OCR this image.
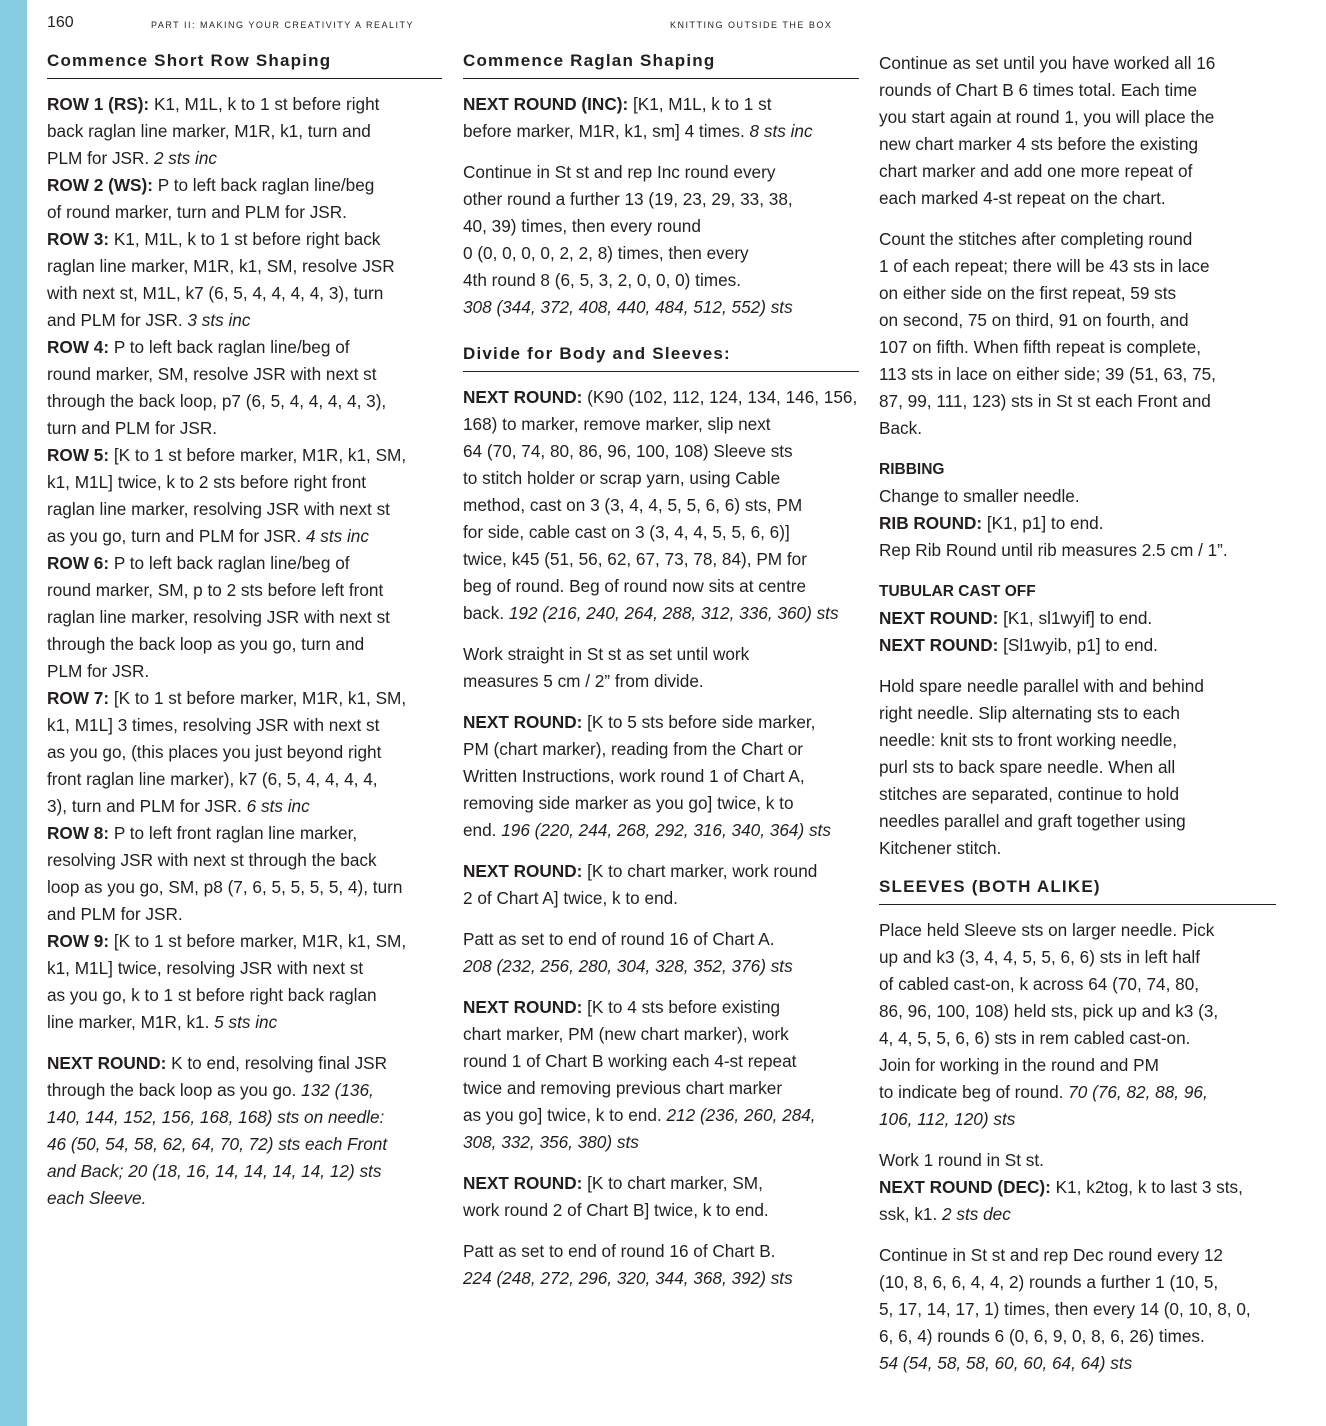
160	PART II: MAKING YOUR CREATIVITY A REALITY	KNITTING OUTSIDE THE BOX
Commence Short Row Shaping

ROW 1 (RS): K1, M1L, k to 1 st before right
back raglan line marker, M1R, k1, turn and
PLM for JSR. 2 sts inc

ROW 2 (WS): P to left back raglan line/beg
of round marker, turn and PLM for JSR.

ROW 3: K1, M1L, k to 1 st before right back
raglan line marker, M1R, k1, SM, resolve JSR
with next st, M1L, k7 (6, 5, 4, 4, 4, 4, 3), turn
and PLM for JSR. 3 sts inc

ROW 4: P to left back raglan line/beg of
round marker, SM, resolve JSR with next st
through the back loop, p7 (6, 5, 4, 4, 4, 4, 3),
turn and PLM for JSR.

ROW 5: [K to 1 st before marker, M1R, k1, SM,
k1, M1L] twice, k to 2 sts before right front
raglan line marker, resolving JSR with next st
as you go, turn and PLM for JSR. 4 sts inc

ROW 6: P to left back raglan line/beg of
round marker, SM, p to 2 sts before left front
raglan line marker, resolving JSR with next st
through the back loop as you go, turn and
PLM for JSR.

ROW 7: [K to 1 st before marker, M1R, k1, SM,
k1, M1L] 3 times, resolving JSR with next st
as you go, (this places you just beyond right
front raglan line marker), k7 (6, 5, 4, 4, 4, 4,
3), turn and PLM for JSR. 6 sts inc

ROW 8: P to left front raglan line marker,
resolving JSR with next st through the back
loop as you go, SM, p8 (7, 6, 5, 5, 5, 5, 4), turn
and PLM for JSR.

ROW 9: [K to 1 st before marker, M1R, k1, SM,
k1, M1L] twice, resolving JSR with next st
as you go, k to 1 st before right back raglan
line marker, M1R, k1. 5 sts inc

NEXT ROUND: K to end, resolving final JSR
through the back loop as you go. 132 (136,
140, 144, 152, 156, 168, 168) sts on needle:
46 (50, 54, 58, 62, 64, 70, 72) sts each Front
and Back; 20 (18, 16, 14, 14, 14, 14, 12) sts
each Sleeve.

Commence Raglan Shaping

NEXT ROUND (INC): [K1, M1L, k to 1 st
before marker, M1R, k1, sm] 4 times. 8 sts inc

Continue in St st and rep Inc round every
other round a further 13 (19, 23, 29, 33, 38,
40, 39) times, then every round
0 (0, 0, 0, 0, 2, 2, 8) times, then every
4th round 8 (6, 5, 3, 2, 0, 0, 0) times.
308 (344, 372, 408, 440, 484, 512, 552) sts

Divide for Body and Sleeves:

NEXT ROUND: (K90 (102, 112, 124, 134, 146, 156,
168) to marker, remove marker, slip next
64 (70, 74, 80, 86, 96, 100, 108) Sleeve sts
to stitch holder or scrap yarn, using Cable
method, cast on 3 (3, 4, 4, 5, 5, 6, 6) sts, PM
for side, cable cast on 3 (3, 4, 4, 5, 5, 6, 6)]
twice, k45 (51, 56, 62, 67, 73, 78, 84), PM for
beg of round. Beg of round now sits at centre
back. 192 (216, 240, 264, 288, 312, 336, 360) sts

Work straight in St st as set until work
measures 5 cm / 2” from divide.

NEXT ROUND: [K to 5 sts before side marker,
PM (chart marker), reading from the Chart or
Written Instructions, work round 1 of Chart A,
removing side marker as you go] twice, k to
end. 196 (220, 244, 268, 292, 316, 340, 364) sts

NEXT ROUND: [K to chart marker, work round
2 of Chart A] twice, k to end.

Patt as set to end of round 16 of Chart A.
208 (232, 256, 280, 304, 328, 352, 376) sts

NEXT ROUND: [K to 4 sts before existing
chart marker, PM (new chart marker), work
round 1 of Chart B working each 4-st repeat
twice and removing previous chart marker
as you go] twice, k to end. 212 (236, 260, 284,
308, 332, 356, 380) sts

NEXT ROUND: [K to chart marker, SM,
work round 2 of Chart B] twice, k to end.

Patt as set to end of round 16 of Chart B.
224 (248, 272, 296, 320, 344, 368, 392) sts

Continue as set until you have worked all 16
rounds of Chart B 6 times total. Each time
you start again at round 1, you will place the
new chart marker 4 sts before the existing
chart marker and add one more repeat of
each marked 4-st repeat on the chart.

Count the stitches after completing round
1 of each repeat; there will be 43 sts in lace
on either side on the first repeat, 59 sts
on second, 75 on third, 91 on fourth, and
107 on fifth. When fifth repeat is complete,
113 sts in lace on either side; 39 (51, 63, 75,
87, 99, 111, 123) sts in St st each Front and
Back.

RIBBING
Change to smaller needle.
RIB ROUND: [K1, p1] to end.
Rep Rib Round until rib measures 2.5 cm / 1”.

TUBULAR CAST OFF
NEXT ROUND: [K1, sl1wyif] to end.
NEXT ROUND: [Sl1wyib, p1] to end.

Hold spare needle parallel with and behind
right needle. Slip alternating sts to each
needle: knit sts to front working needle,
purl sts to back spare needle. When all
stitches are separated, continue to hold
needles parallel and graft together using
Kitchener stitch.

SLEEVES (BOTH ALIKE)

Place held Sleeve sts on larger needle. Pick
up and k3 (3, 4, 4, 5, 5, 6, 6) sts in left half
of cabled cast-on, k across 64 (70, 74, 80,
86, 96, 100, 108) held sts, pick up and k3 (3,
4, 4, 5, 5, 6, 6) sts in rem cabled cast-on.
Join for working in the round and PM
to indicate beg of round. 70 (76, 82, 88, 96,
106, 112, 120) sts

Work 1 round in St st.
NEXT ROUND (DEC): K1, k2tog, k to last 3 sts,
ssk, k1. 2 sts dec

Continue in St st and rep Dec round every 12
(10, 8, 6, 6, 4, 4, 2) rounds a further 1 (10, 5,
5, 17, 14, 17, 1) times, then every 14 (0, 10, 8, 0,
6, 6, 4) rounds 6 (0, 6, 9, 0, 8, 6, 26) times.
54 (54, 58, 58, 60, 60, 64, 64) sts
